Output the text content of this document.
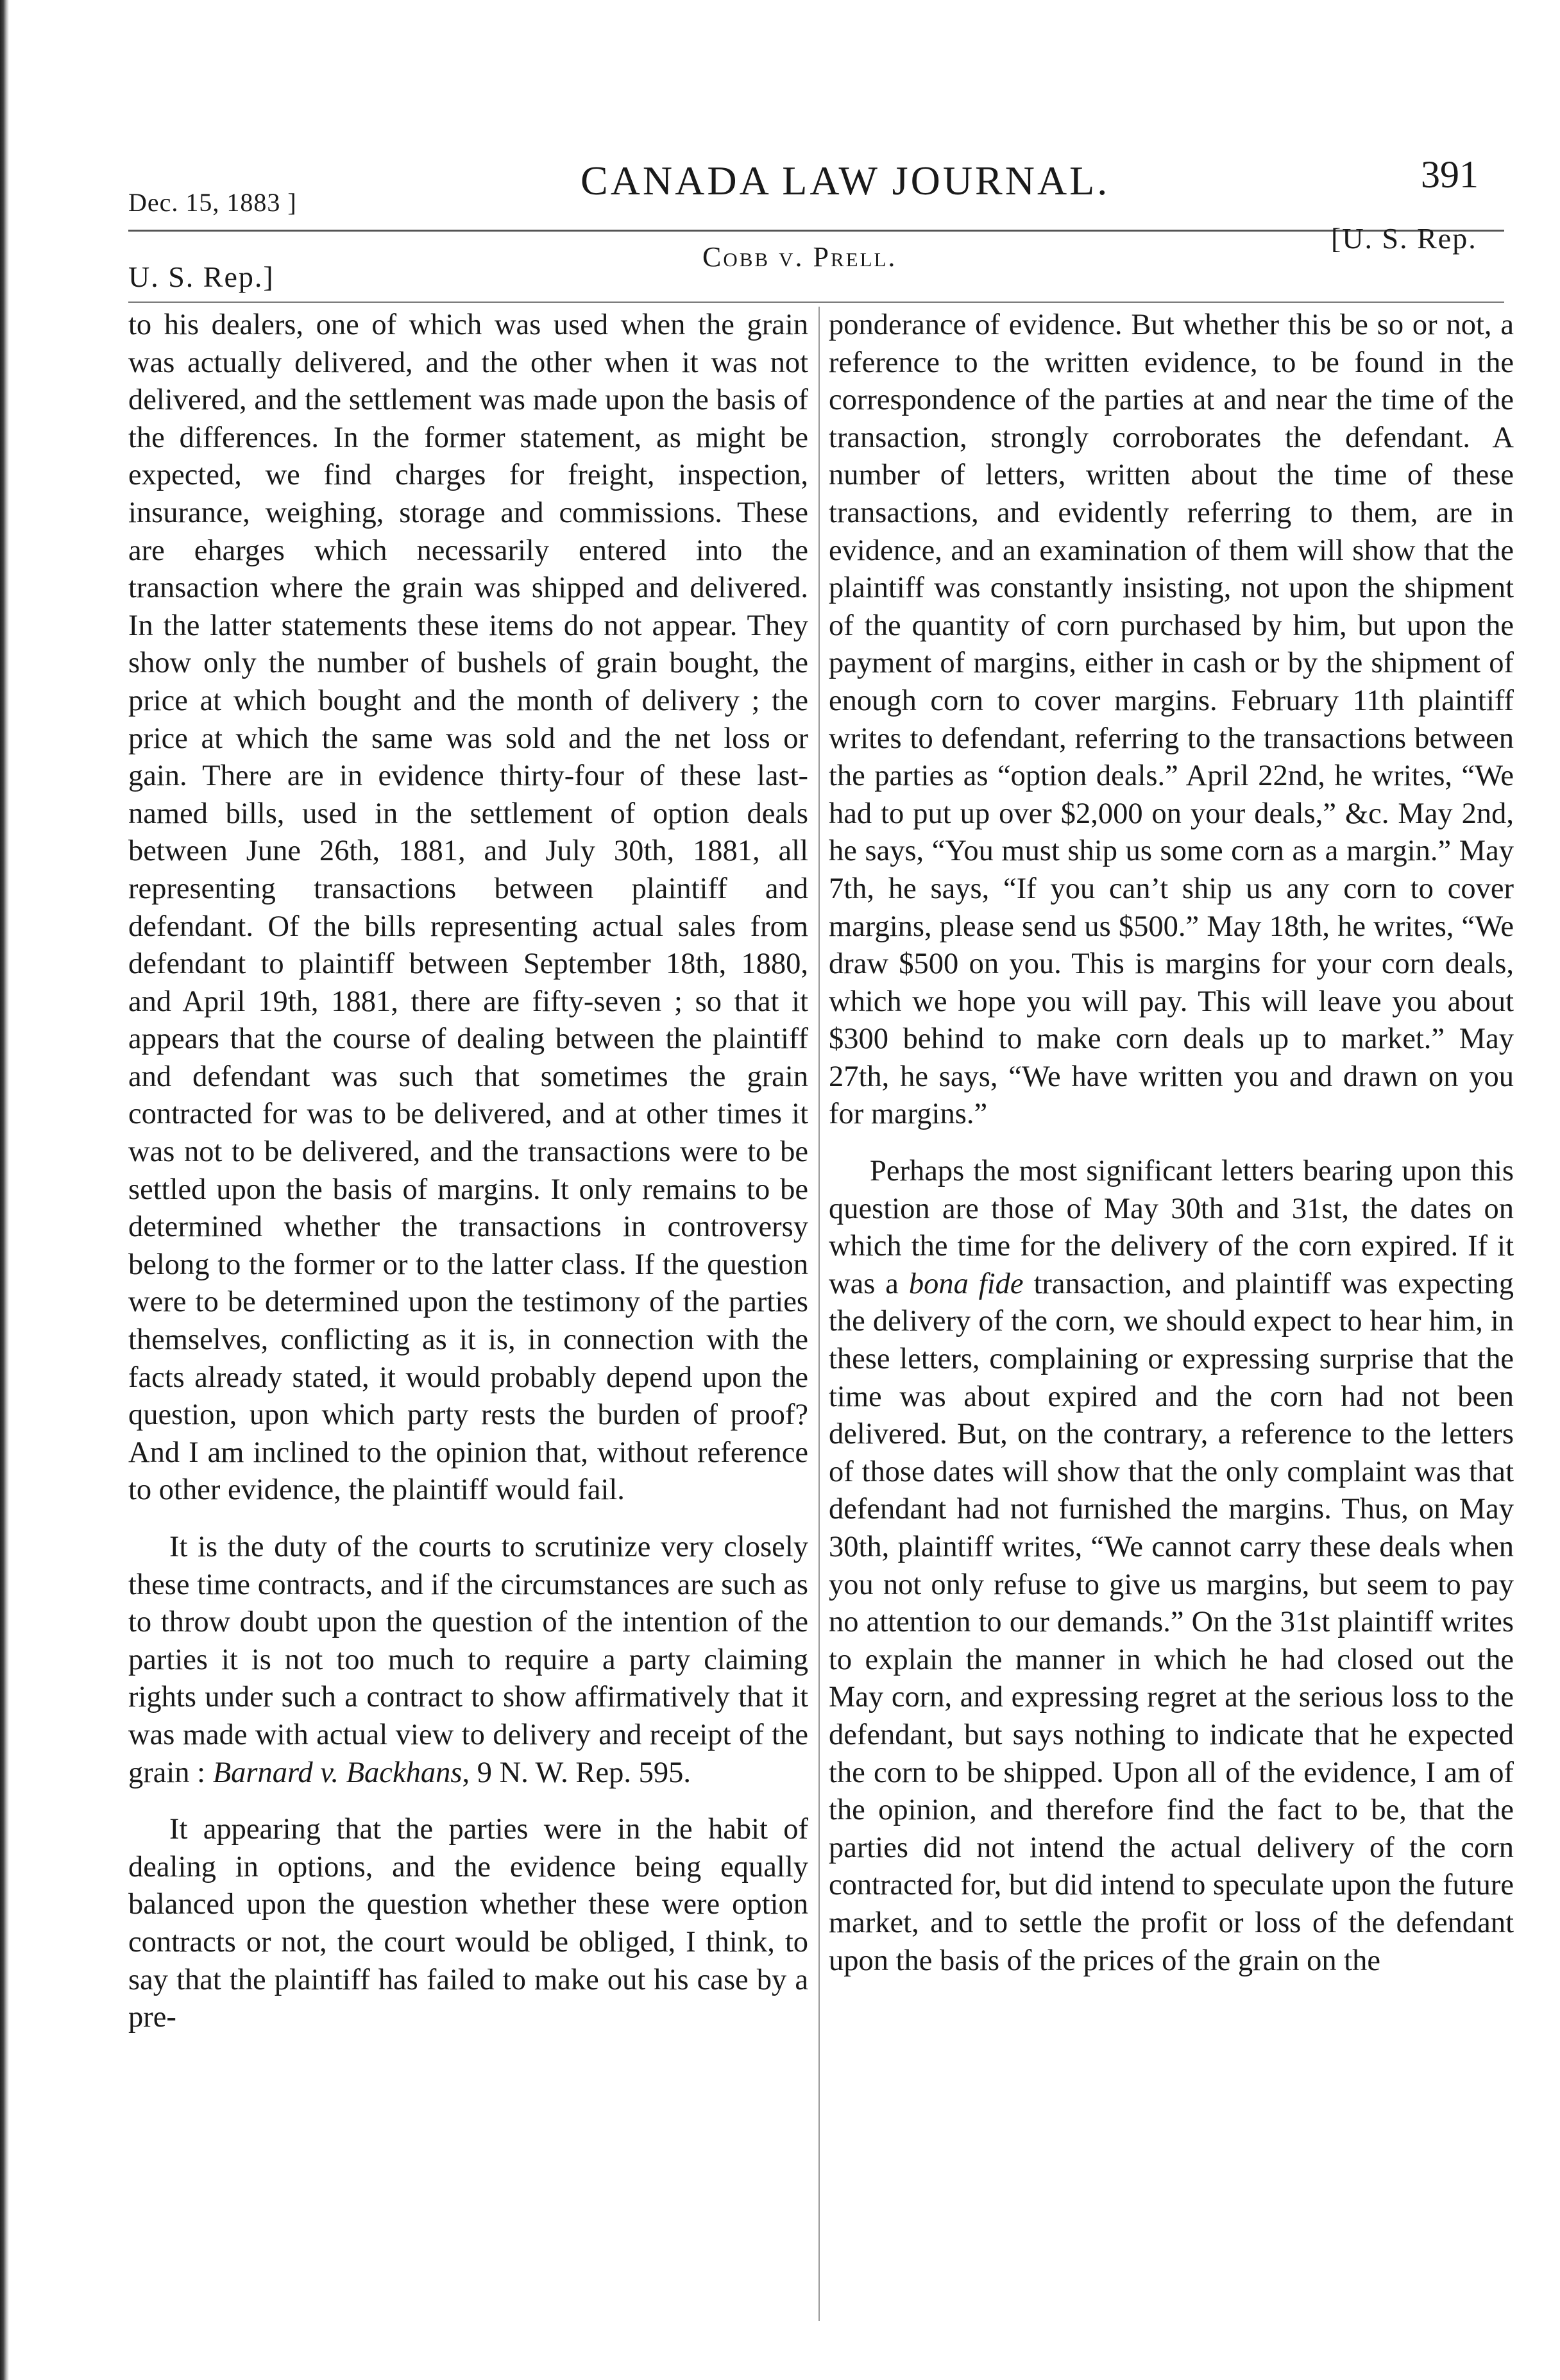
Dec. 15, 1883 ]	CANADA LAW JOURNAL.	391
Cobb v. Prell.
U. S. Rep.]
[U. S. Rep.

to his dealers, one of which was used when the grain was actually delivered, and the other when it was not delivered, and the settlement was made upon the basis of the differences. In the former statement, as might be expected, we find charges for freight, inspection, insurance, weighing, storage and commissions. These are eharges which necessarily entered into the transaction where the grain was shipped and delivered. In the latter statements these items do not appear. They show only the number of bushels of grain bought, the price at which bought and the month of delivery ; the price at which the same was sold and the net loss or gain. There are in evidence thirty-four of these last-named bills, used in the settlement of option deals between June 26th, 1881, and July 30th, 1881, all representing transactions between plaintiff and defendant. Of the bills representing actual sales from defendant to plaintiff between September 18th, 1880, and April 19th, 1881, there are fifty-seven ; so that it appears that the course of dealing between the plaintiff and defendant was such that sometimes the grain contracted for was to be delivered, and at other times it was not to be delivered, and the transactions were to be settled upon the basis of margins. It only remains to be determined whether the transactions in controversy belong to the former or to the latter class. If the question were to be determined upon the testimony of the parties themselves, conflicting as it is, in connection with the facts already stated, it would probably depend upon the question, upon which party rests the burden of proof? And I am inclined to the opinion that, without reference to other evidence, the plaintiff would fail.

It is the duty of the courts to scrutinize very closely these time contracts, and if the circumstances are such as to throw doubt upon the question of the intention of the parties it is not too much to require a party claiming rights under such a contract to show affirmatively that it was made with actual view to delivery and receipt of the grain : Barnard v. Backhans, 9 N. W. Rep. 595.

It appearing that the parties were in the habit of dealing in options, and the evidence being equally balanced upon the question whether these were option contracts or not, the court would be obliged, I think, to say that the plaintiff has failed to make out his case by a pre-

ponderance of evidence. But whether this be so or not, a reference to the written evidence, to be found in the correspondence of the parties at and near the time of the transaction, strongly corroborates the defendant. A number of letters, written about the time of these transactions, and evidently referring to them, are in evidence, and an examination of them will show that the plaintiff was constantly insisting, not upon the shipment of the quantity of corn purchased by him, but upon the payment of margins, either in cash or by the shipment of enough corn to cover margins. February 11th plaintiff writes to defendant, referring to the transactions between the parties as “option deals.” April 22nd, he writes, “We had to put up over $2,000 on your deals,” &c. May 2nd, he says, “You must ship us some corn as a margin.” May 7th, he says, “If you can’t ship us any corn to cover margins, please send us $500.” May 18th, he writes, “We draw $500 on you. This is margins for your corn deals, which we hope you will pay. This will leave you about $300 behind to make corn deals up to market.” May 27th, he says, “We have written you and drawn on you for margins.”

Perhaps the most significant letters bearing upon this question are those of May 30th and 31st, the dates on which the time for the delivery of the corn expired. If it was a bona fide transaction, and plaintiff was expecting the delivery of the corn, we should expect to hear him, in these letters, complaining or expressing surprise that the time was about expired and the corn had not been delivered. But, on the contrary, a reference to the letters of those dates will show that the only complaint was that defendant had not furnished the margins. Thus, on May 30th, plaintiff writes, “We cannot carry these deals when you not only refuse to give us margins, but seem to pay no attention to our demands.” On the 31st plaintiff writes to explain the manner in which he had closed out the May corn, and expressing regret at the serious loss to the defendant, but says nothing to indicate that he expected the corn to be shipped. Upon all of the evidence, I am of the opinion, and therefore find the fact to be, that the parties did not intend the actual delivery of the corn contracted for, but did intend to speculate upon the future market, and to settle the profit or loss of the defendant upon the basis of the prices of the grain on the
